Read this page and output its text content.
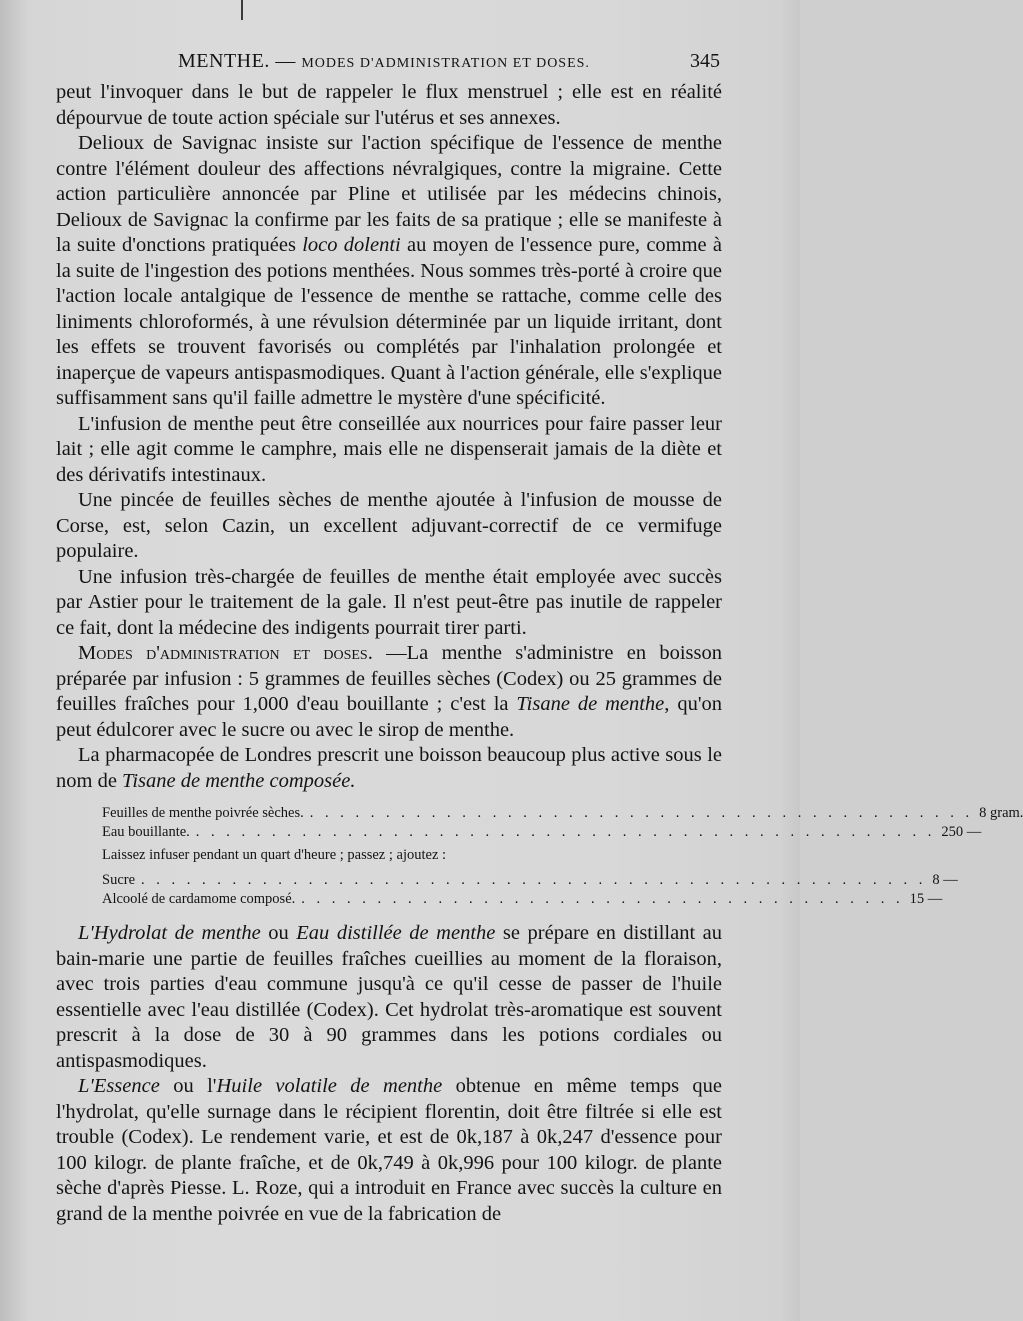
MENTHE. — MODES D'ADMINISTRATION ET DOSES.	345

peut l'invoquer dans le but de rappeler le flux menstruel ; elle est en réalité dépourvue de toute action spéciale sur l'utérus et ses annexes.

Delioux de Savignac insiste sur l'action spécifique de l'essence de menthe contre l'élément douleur des affections névralgiques, contre la migraine. Cette action particulière annoncée par Pline et utilisée par les médecins chinois, Delioux de Savignac la confirme par les faits de sa pratique ; elle se manifeste à la suite d'onctions pratiquées loco dolenti au moyen de l'essence pure, comme à la suite de l'ingestion des potions menthées. Nous sommes très-porté à croire que l'action locale antalgique de l'essence de menthe se rattache, comme celle des liniments chloroformés, à une révulsion déterminée par un liquide irritant, dont les effets se trouvent favorisés ou complétés par l'inhalation prolongée et inaperçue de vapeurs antispasmodiques. Quant à l'action générale, elle s'explique suffisamment sans qu'il faille admettre le mystère d'une spécificité.

L'infusion de menthe peut être conseillée aux nourrices pour faire passer leur lait ; elle agit comme le camphre, mais elle ne dispenserait jamais de la diète et des dérivatifs intestinaux.

Une pincée de feuilles sèches de menthe ajoutée à l'infusion de mousse de Corse, est, selon Cazin, un excellent adjuvant-correctif de ce vermifuge populaire.

Une infusion très-chargée de feuilles de menthe était employée avec succès par Astier pour le traitement de la gale. Il n'est peut-être pas inutile de rappeler ce fait, dont la médecine des indigents pourrait tirer parti.

Modes d'administration et doses. —La menthe s'administre en boisson préparée par infusion : 5 grammes de feuilles sèches (Codex) ou 25 grammes de feuilles fraîches pour 1,000 d'eau bouillante ; c'est la Tisane de menthe, qu'on peut édulcorer avec le sucre ou avec le sirop de menthe.

La pharmacopée de Londres prescrit une boisson beaucoup plus active sous le nom de Tisane de menthe composée.

Feuilles de menthe poivrée sèches. . . . . . . . . . . . . . . . . . . . . . . . . . . . . . . . . . . . . . . . . . . . . 8 gram.
Eau bouillante. . . . . . . . . . . . . . . . . . . . . . . . . . . . . . . . . . . . . . . . . . . . . . . . . . 250 —
Laissez infuser pendant un quart d'heure ; passez ; ajoutez :
Sucre . . . . . . . . . . . . . . . . . . . . . . . . . . . . . . . . . . . . . . . . . . . . . . . . . . . . 8 —
Alcoolé de cardamome composé. . . . . . . . . . . . . . . . . . . . . . . . . . . . . . . . . . . . . . . . . 15 —

L'Hydrolat de menthe ou Eau distillée de menthe se prépare en distillant au bain-marie une partie de feuilles fraîches cueillies au moment de la floraison, avec trois parties d'eau commune jusqu'à ce qu'il cesse de passer de l'huile essentielle avec l'eau distillée (Codex). Cet hydrolat très-aromatique est souvent prescrit à la dose de 30 à 90 grammes dans les potions cordiales ou antispasmodiques.

L'Essence ou l'Huile volatile de menthe obtenue en même temps que l'hydrolat, qu'elle surnage dans le récipient florentin, doit être filtrée si elle est trouble (Codex). Le rendement varie, et est de 0k,187 à 0k,247 d'essence pour 100 kilogr. de plante fraîche, et de 0k,749 à 0k,996 pour 100 kilogr. de plante sèche d'après Piesse. L. Roze, qui a introduit en France avec succès la culture en grand de la menthe poivrée en vue de la fabrication de
